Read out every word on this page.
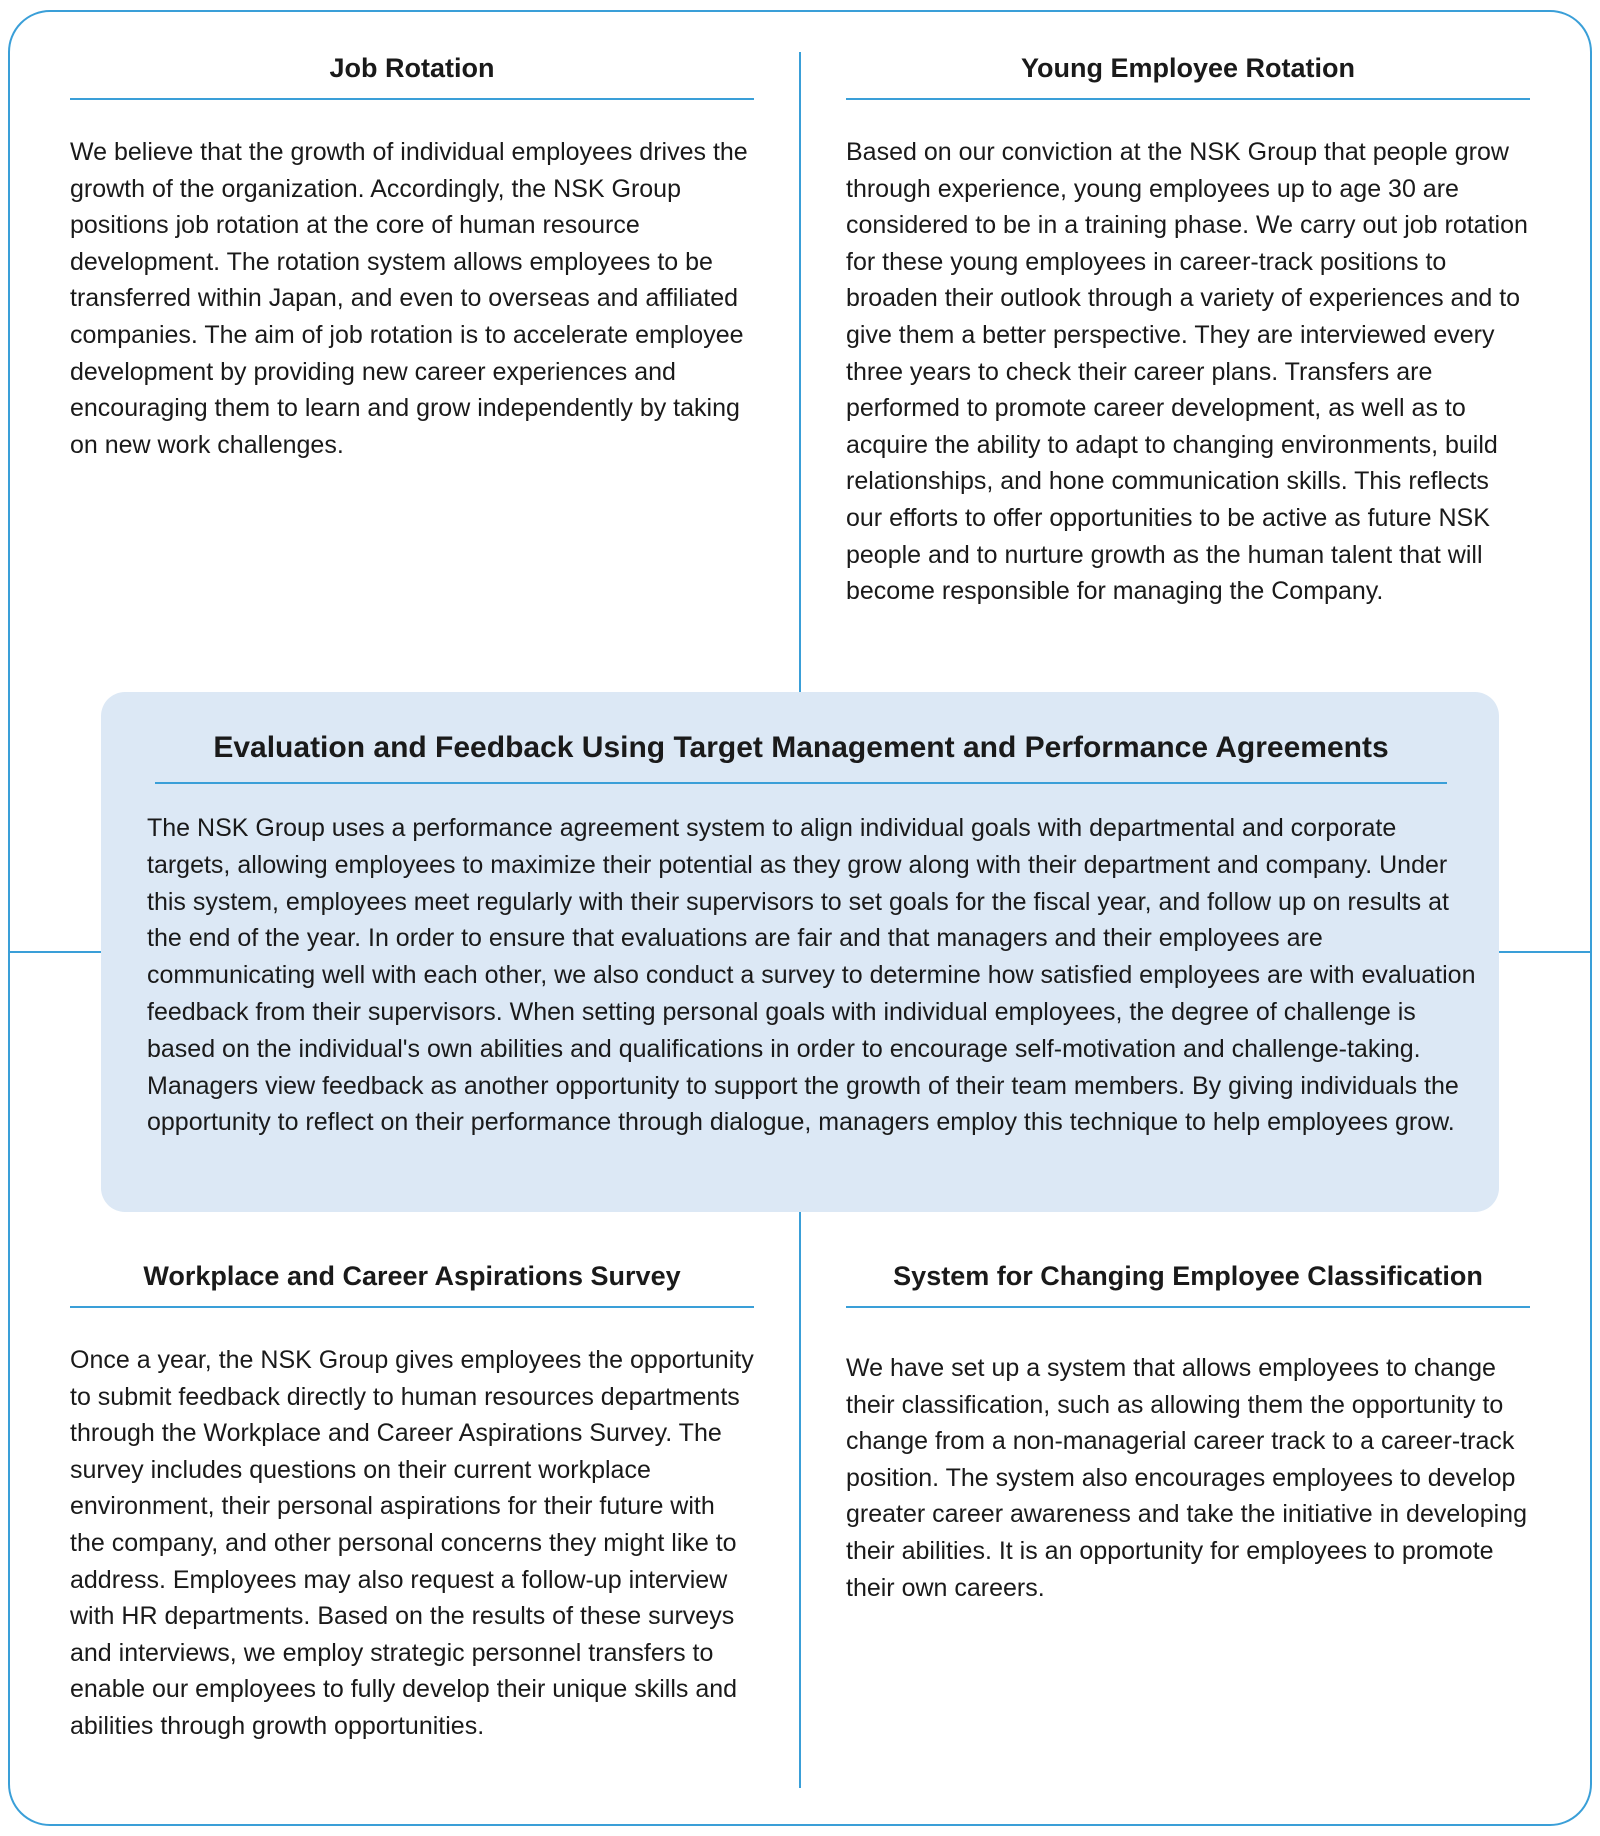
Job Rotation

We believe that the growth of individual employees drives the growth of the organization. Accordingly, the NSK Group positions job rotation at the core of human resource development. The rotation system allows employees to be transferred within Japan, and even to overseas and affiliated companies. The aim of job rotation is to accelerate employee development by providing new career experiences and encouraging them to learn and grow independently by taking on new work challenges.

Young Employee Rotation

Based on our conviction at the NSK Group that people grow through experience, young employees up to age 30 are considered to be in a training phase. We carry out job rotation for these young employees in career-track positions to broaden their outlook through a variety of experiences and to give them a better perspective. They are interviewed every three years to check their career plans. Transfers are performed to promote career development, as well as to acquire the ability to adapt to changing environments, build relationships, and hone communication skills. This reflects our efforts to offer opportunities to be active as future NSK people and to nurture growth as the human talent that will become responsible for managing the Company.

Evaluation and Feedback Using Target Management and Performance Agreements

The NSK Group uses a performance agreement system to align individual goals with departmental and corporate targets, allowing employees to maximize their potential as they grow along with their department and company. Under this system, employees meet regularly with their supervisors to set goals for the fiscal year, and follow up on results at the end of the year. In order to ensure that evaluations are fair and that managers and their employees are communicating well with each other, we also conduct a survey to determine how satisfied employees are with evaluation feedback from their supervisors. When setting personal goals with individual employees, the degree of challenge is based on the individual's own abilities and qualifications in order to encourage self-motivation and challenge-taking. Managers view feedback as another opportunity to support the growth of their team members. By giving individuals the opportunity to reflect on their performance through dialogue, managers employ this technique to help employees grow.

Workplace and Career Aspirations Survey

Once a year, the NSK Group gives employees the opportunity to submit feedback directly to human resources departments through the Workplace and Career Aspirations Survey. The survey includes questions on their current workplace environment, their personal aspirations for their future with the company, and other personal concerns they might like to address. Employees may also request a follow-up interview with HR departments. Based on the results of these surveys and interviews, we employ strategic personnel transfers to enable our employees to fully develop their unique skills and abilities through growth opportunities.

System for Changing Employee Classification

We have set up a system that allows employees to change their classification, such as allowing them the opportunity to change from a non-managerial career track to a career-track position. The system also encourages employees to develop greater career awareness and take the initiative in developing their abilities. It is an opportunity for employees to promote their own careers.
